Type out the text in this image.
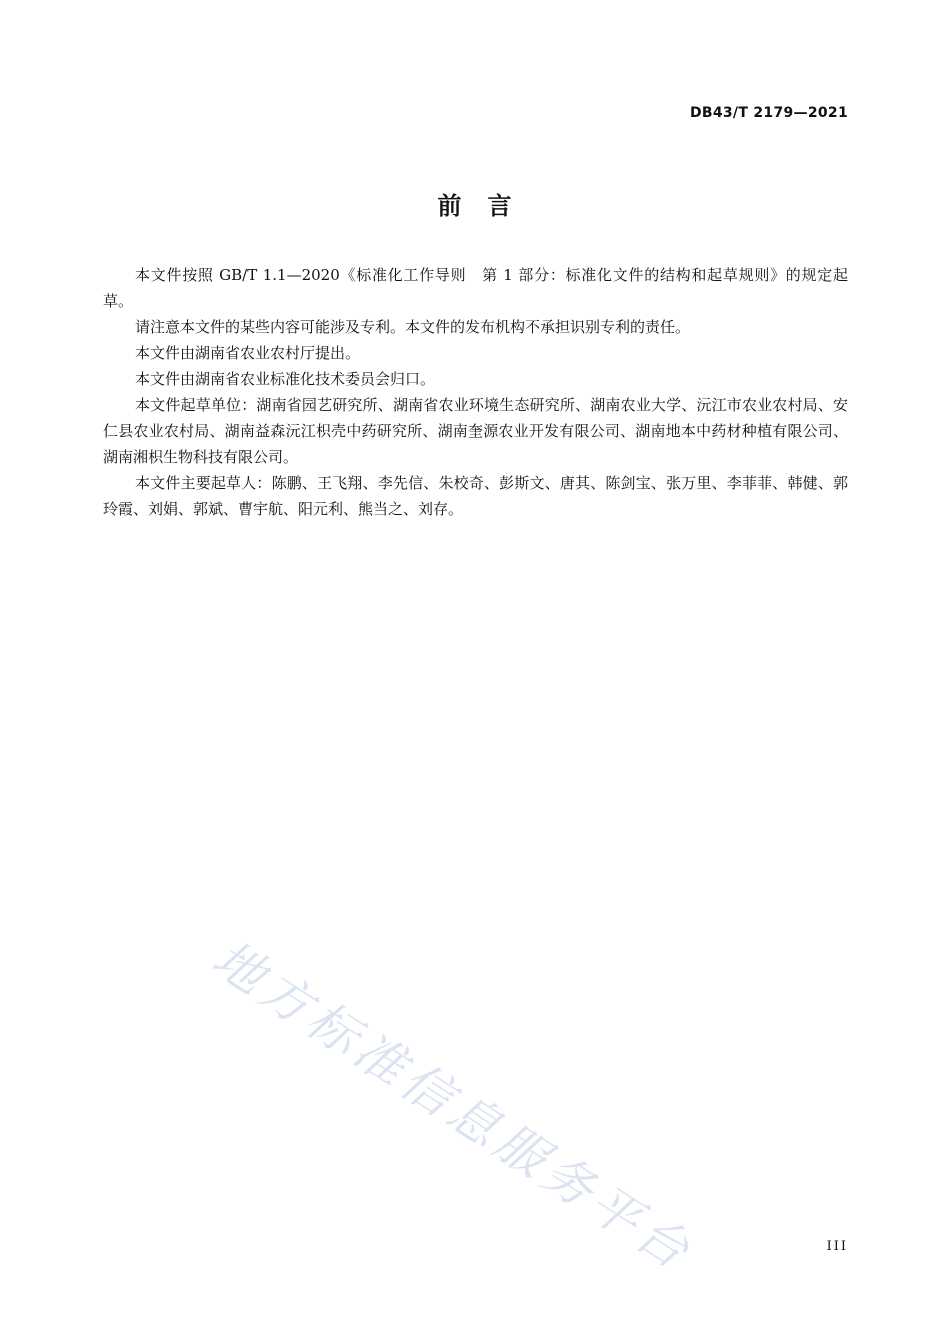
DB43/T 2179—2021
前　言

本文件按照 GB/T 1.1—2020《标准化工作导则　第 1 部分：标准化文件的结构和起草规则》的规定起草。

请注意本文件的某些内容可能涉及专利。本文件的发布机构不承担识别专利的责任。

本文件由湖南省农业农村厅提出。

本文件由湖南省农业标准化技术委员会归口。

本文件起草单位：湖南省园艺研究所、湖南省农业环境生态研究所、湖南农业大学、沅江市农业农村局、安仁县农业农村局、湖南益森沅江枳壳中药研究所、湖南奎源农业开发有限公司、湖南地本中药材种植有限公司、湖南湘枳生物科技有限公司。

本文件主要起草人：陈鹏、王飞翔、李先信、朱校奇、彭斯文、唐其、陈剑宝、张万里、李菲菲、韩健、郭玲霞、刘娟、郭斌、曹宇航、阳元利、熊当之、刘存。

地方标准信息服务平台	III
